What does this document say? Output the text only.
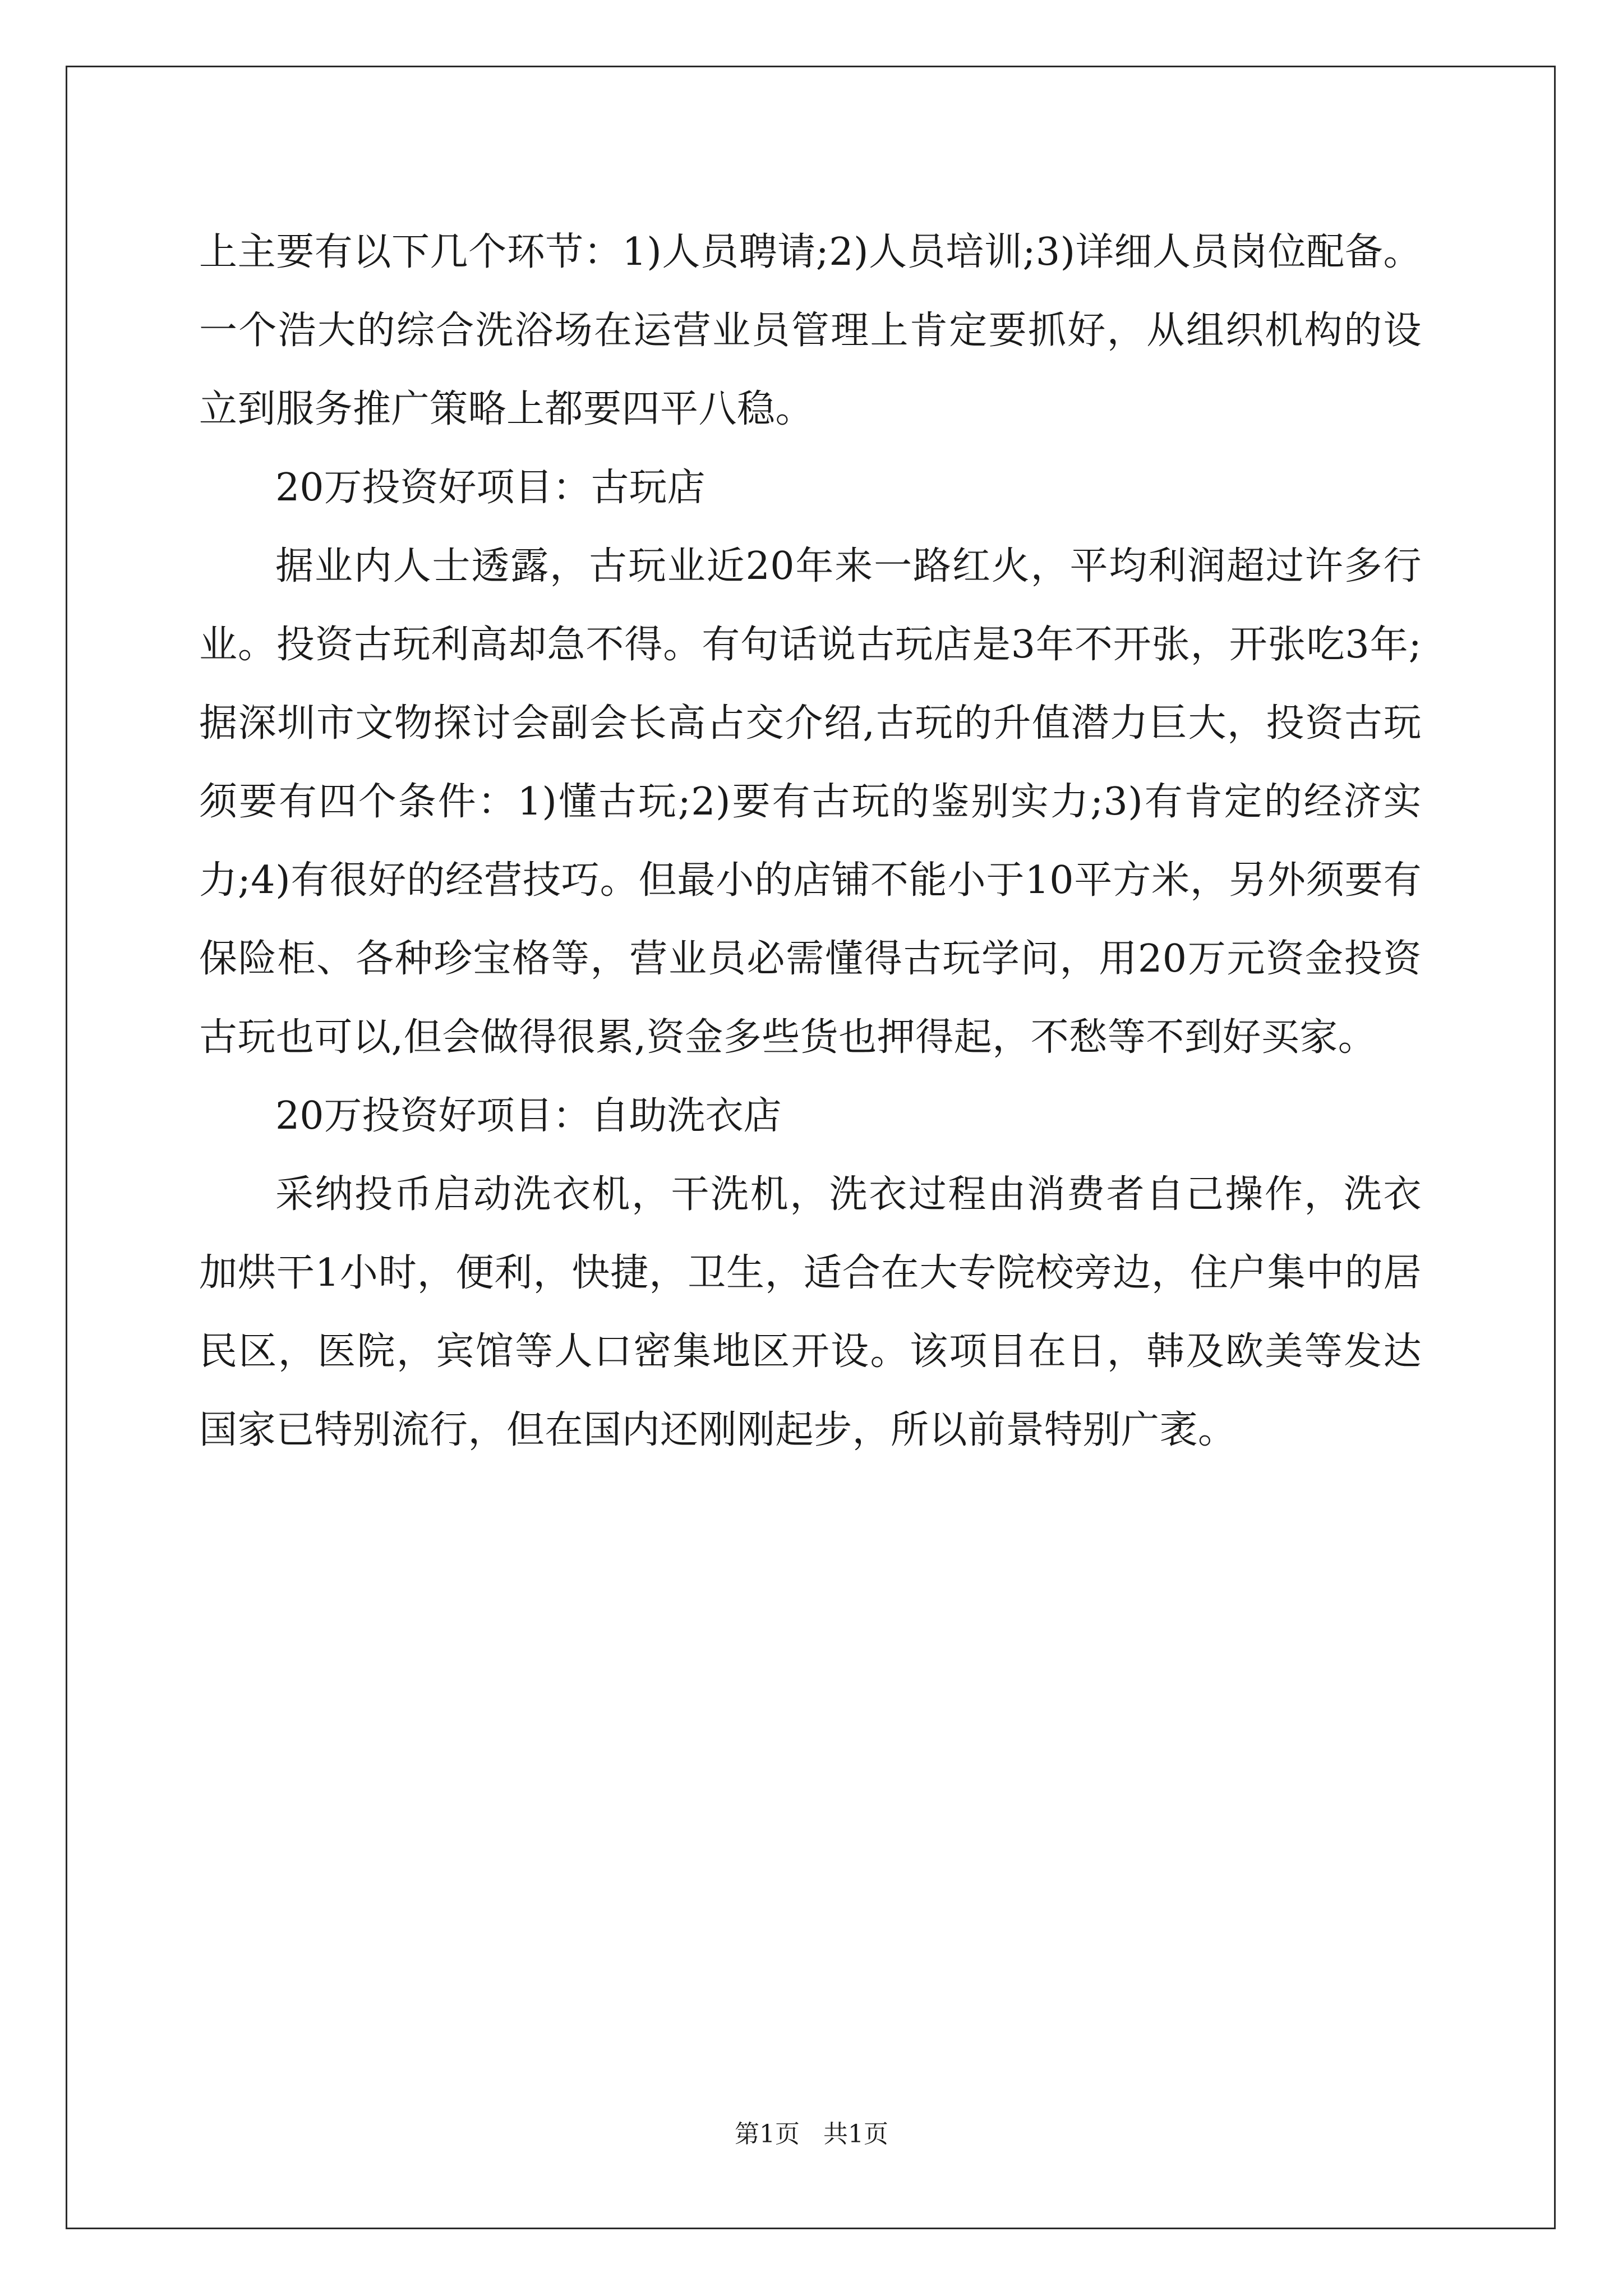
上主要有以下几个环节：1)人员聘请;2)人员培训;3)详细人员岗位配备。一个浩大的综合洗浴场在运营业员管理上肯定要抓好，从组织机构的设立到服务推广策略上都要四平八稳。

20万投资好项目：古玩店

据业内人士透露，古玩业近20年来一路红火，平均利润超过许多行业。投资古玩利高却急不得。有句话说古玩店是3年不开张，开张吃3年;据深圳市文物探讨会副会长高占交介绍,古玩的升值潜力巨大，投资古玩须要有四个条件：1)懂古玩;2)要有古玩的鉴别实力;3)有肯定的经济实力;4)有很好的经营技巧。但最小的店铺不能小于10平方米，另外须要有保险柜、各种珍宝格等，营业员必需懂得古玩学问，用20万元资金投资古玩也可以,但会做得很累,资金多些货也押得起，不愁等不到好买家。

20万投资好项目：自助洗衣店

采纳投币启动洗衣机，干洗机，洗衣过程由消费者自己操作，洗衣加烘干1小时，便利，快捷，卫生，适合在大专院校旁边，住户集中的居民区，医院，宾馆等人口密集地区开设。该项目在日，韩及欧美等发达国家已特别流行，但在国内还刚刚起步，所以前景特别广袤。

第1页   共1页
